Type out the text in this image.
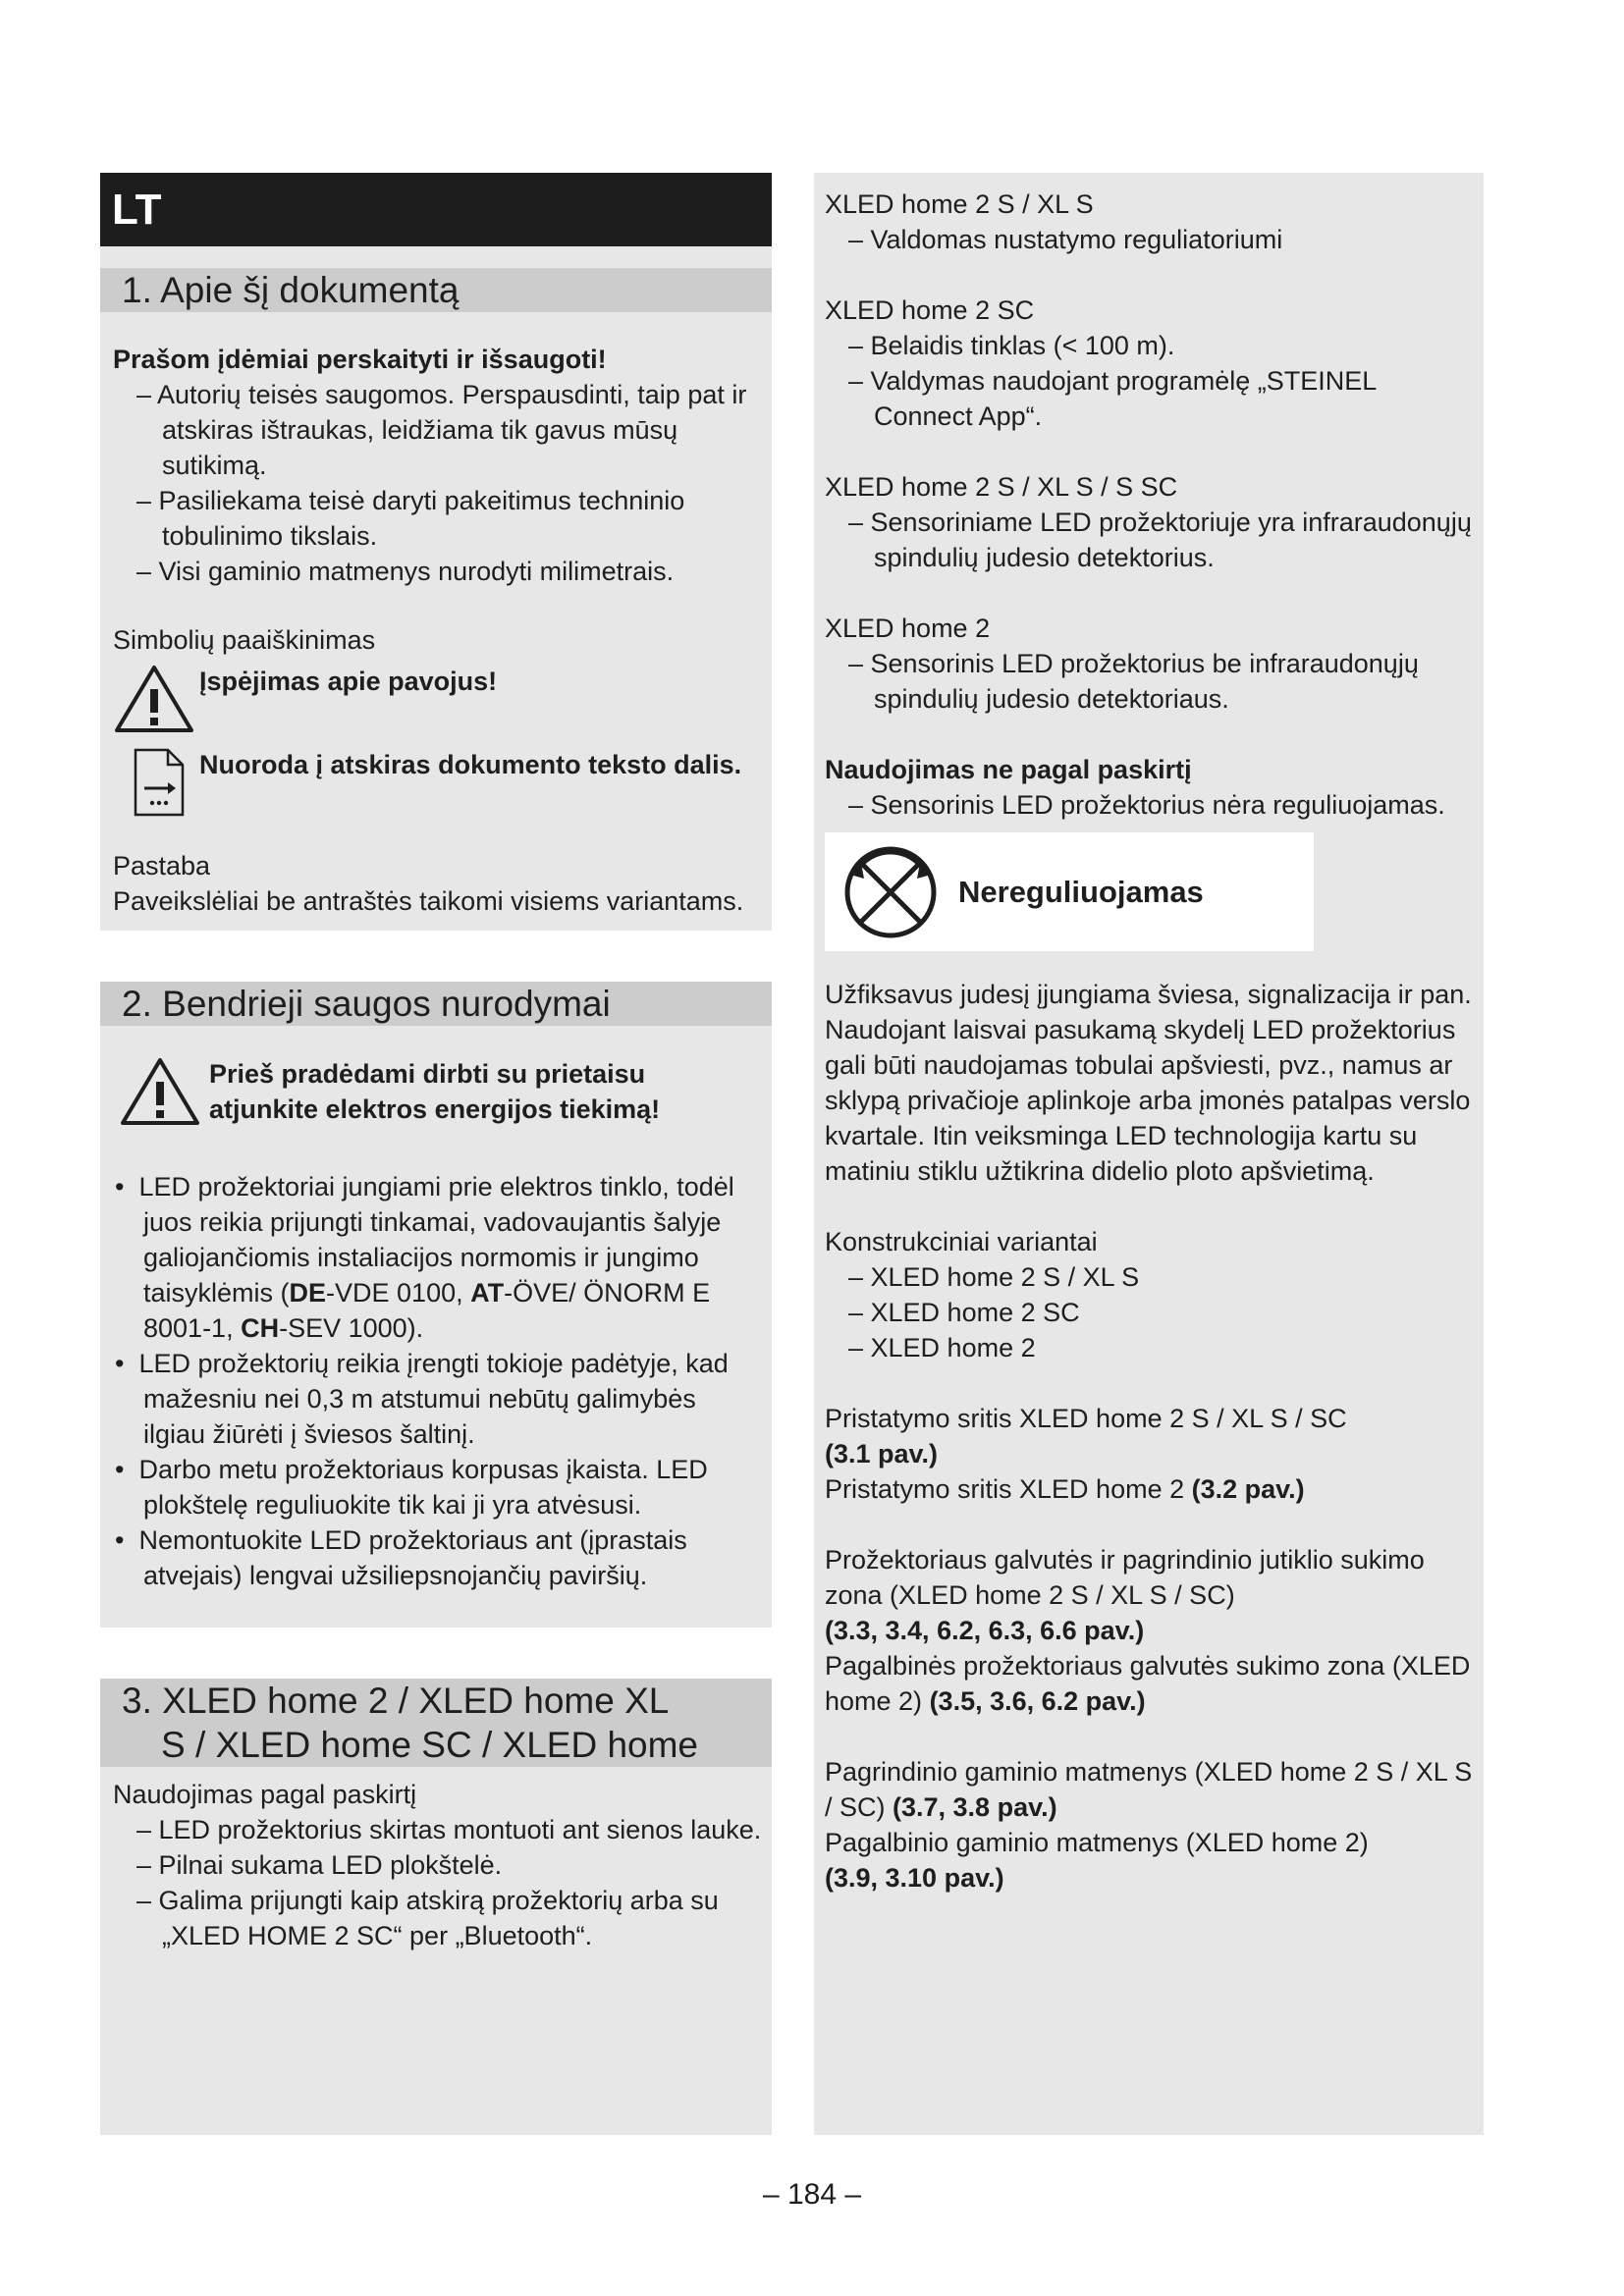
LT
1. Apie šį dokumentą

Prašom įdėmiai perskaityti ir išsaugoti!

– Autorių teisės saugomos. Perspausdinti, taip pat ir atskiras ištraukas, leidžiama tik gavus mūsų sutikimą.

– Pasiliekama teisė daryti pakeitimus techninio tobulinimo tikslais.

– Visi gaminio matmenys nurodyti milimetrais.

Simbolių paaiškinimas

Įspėjimas apie pavojus!

Nuoroda į atskiras dokumento teksto dalis.

Pastaba

Paveikslėliai be antraštės taikomi visiems variantams.

2. Bendrieji saugos nurodymai

Prieš pradėdami dirbti su prietaisu atjunkite elektros energijos tiekimą!

•  LED prožektoriai jungiami prie elektros tinklo, todėl juos reikia prijungti tinkamai, vadovaujantis šalyje galiojančiomis instaliacijos normomis ir jungimo taisyklėmis (DE-VDE 0100, AT-ÖVE/ ÖNORM E 8001-1, CH-SEV 1000).

•  LED prožektorių reikia įrengti tokioje padėtyje, kad mažesniu nei 0,3 m atstumui nebūtų galimybės ilgiau žiūrėti į šviesos šaltinį.

•  Darbo metu prožektoriaus korpusas įkaista. LED plokštelę reguliuokite tik kai ji yra atvėsusi.

•  Nemontuokite LED prožektoriaus ant (įprastais atvejais) lengvai užsiliepsnojančių paviršių.

3. XLED home 2 / XLED home XL
S / XLED home SC / XLED home

Naudojimas pagal paskirtį

– LED prožektorius skirtas montuoti ant sienos lauke.

– Pilnai sukama LED plokštelė.

– Galima prijungti kaip atskirą prožektorių arba su „XLED HOME 2 SC“ per „Bluetooth“.

XLED home 2 S / XL S

– Valdomas nustatymo reguliatoriumi

XLED home 2 SC

– Belaidis tinklas (< 100 m).

– Valdymas naudojant programėlę „STEINEL Connect App“.

XLED home 2 S / XL S / S SC

– Sensoriniame LED prožektoriuje yra infraraudonųjų spindulių judesio detektorius.

XLED home 2

– Sensorinis LED prožektorius be infraraudonųjų spindulių judesio detektoriaus.

Naudojimas ne pagal paskirtį

– Sensorinis LED prožektorius nėra reguliuojamas.

Nereguliuojamas

Užfiksavus judesį įjungiama šviesa, signalizacija ir pan. Naudojant laisvai pasukamą skydelį LED prožektorius gali būti naudojamas tobulai apšviesti, pvz., namus ar sklypą privačioje aplinkoje arba įmonės patalpas verslo kvartale. Itin veiksminga LED technologija kartu su matiniu stiklu užtikrina didelio ploto apšvietimą.

Konstrukciniai variantai

– XLED home 2 S / XL S

– XLED home 2 SC

– XLED home 2

Pristatymo sritis XLED home 2 S / XL S / SC

(3.1 pav.)

Pristatymo sritis XLED home 2 (3.2 pav.)

Prožektoriaus galvutės ir pagrindinio jutiklio sukimo zona (XLED home 2 S / XL S / SC)

(3.3, 3.4, 6.2, 6.3, 6.6 pav.)

Pagalbinės prožektoriaus galvutės sukimo zona (XLED home 2) (3.5, 3.6, 6.2 pav.)

Pagrindinio gaminio matmenys (XLED home 2 S / XL S / SC) (3.7, 3.8 pav.)

Pagalbinio gaminio matmenys (XLED home 2)

(3.9, 3.10 pav.)

– 184 –
